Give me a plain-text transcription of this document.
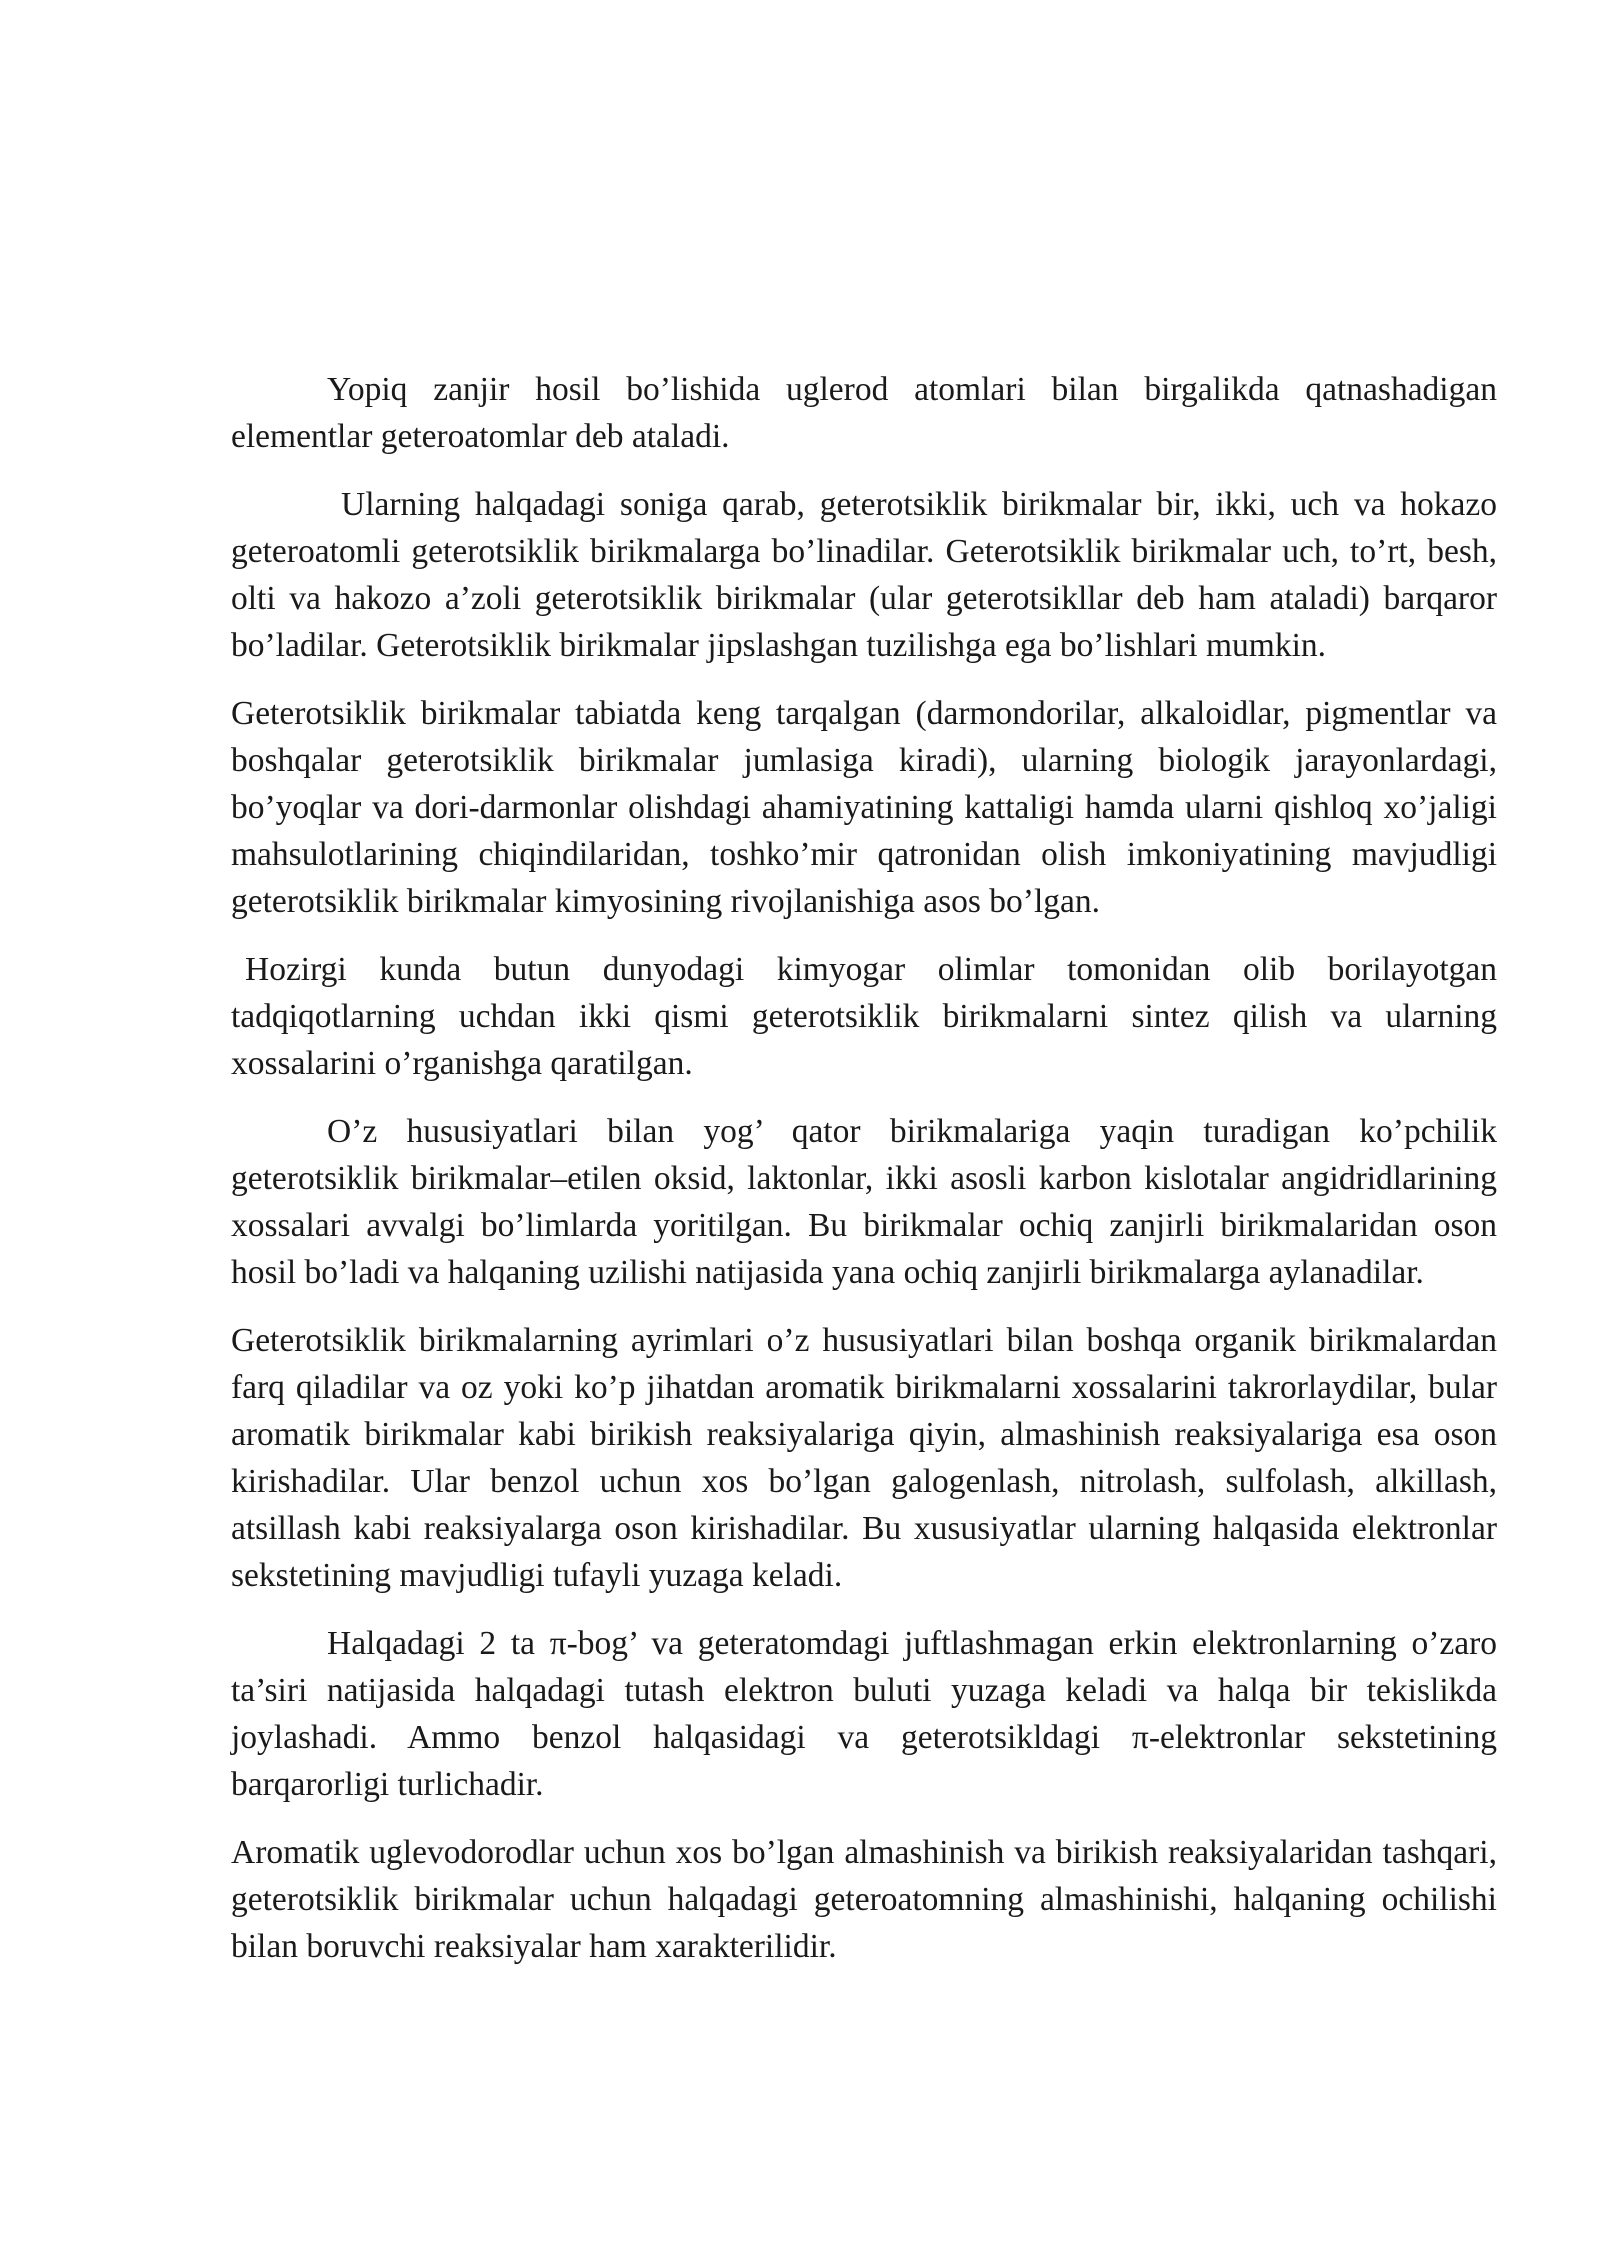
Yopiq zanjir hosil bo’lishida uglerod atomlari bilan birgalikda qatnashadigan elementlar geteroatomlar deb ataladi.

Ularning halqadagi soniga qarab, geterotsiklik birikmalar bir, ikki, uch va hokazo geteroatomli geterotsiklik birikmalarga bo’linadilar. Geterotsiklik birikmalar uch, to’rt, besh, olti va hakozo a’zoli geterotsiklik birikmalar (ular geterotsikllar deb ham ataladi) barqaror bo’ladilar. Geterotsiklik birikmalar jipslashgan tuzilishga ega bo’lishlari mumkin.

Geterotsiklik birikmalar tabiatda keng tarqalgan (darmondorilar, alkaloidlar, pigmentlar va boshqalar geterotsiklik birikmalar jumlasiga kiradi), ularning biologik jarayonlardagi, bo’yoqlar va dori-darmonlar olishdagi ahamiyatining kattaligi hamda ularni qishloq xo’jaligi mahsulotlarining chiqindilaridan, toshko’mir qatronidan olish imkoniyatining mavjudligi geterotsiklik birikmalar kimyosining rivojlanishiga asos bo’lgan.

Hozirgi kunda butun dunyodagi kimyogar olimlar tomonidan olib borilayotgan tadqiqotlarning uchdan ikki qismi geterotsiklik birikmalarni sintez qilish va ularning xossalarini o’rganishga qaratilgan.

O’z hususiyatlari bilan yog’ qator birikmalariga yaqin turadigan ko’pchilik geterotsiklik birikmalar–etilen oksid, laktonlar, ikki asosli karbon kislotalar angidridlarining xossalari avvalgi bo’limlarda yoritilgan. Bu birikmalar ochiq zanjirli birikmalaridan oson hosil bo’ladi va halqaning uzilishi natijasida yana ochiq zanjirli birikmalarga aylanadilar.

Geterotsiklik birikmalarning ayrimlari o’z hususiyatlari bilan boshqa organik birikmalardan farq qiladilar va oz yoki ko’p jihatdan aromatik birikmalarni xossalarini takrorlaydilar, bular aromatik birikmalar kabi birikish reaksiyalariga qiyin, almashinish reaksiyalariga esa oson kirishadilar. Ular benzol uchun xos bo’lgan galogenlash, nitrolash, sulfolash, alkillash, atsillash kabi reaksiyalarga oson kirishadilar. Bu xususiyatlar ularning halqasida elektronlar sekstetining mavjudligi tufayli yuzaga keladi.

Halqadagi 2 ta π-bog’ va geteratomdagi juftlashmagan erkin elektronlarning o’zaro ta’siri natijasida halqadagi tutash elektron buluti yuzaga keladi va halqa bir tekislikda joylashadi. Ammo benzol halqasidagi va geterotsikldagi π-elektronlar sekstetining barqarorligi turlichadir.

Aromatik uglevodorodlar uchun xos bo’lgan almashinish va birikish reaksiyalaridan tashqari, geterotsiklik birikmalar uchun halqadagi geteroatomning almashinishi, halqaning ochilishi bilan boruvchi reaksiyalar ham xarakterilidir.
